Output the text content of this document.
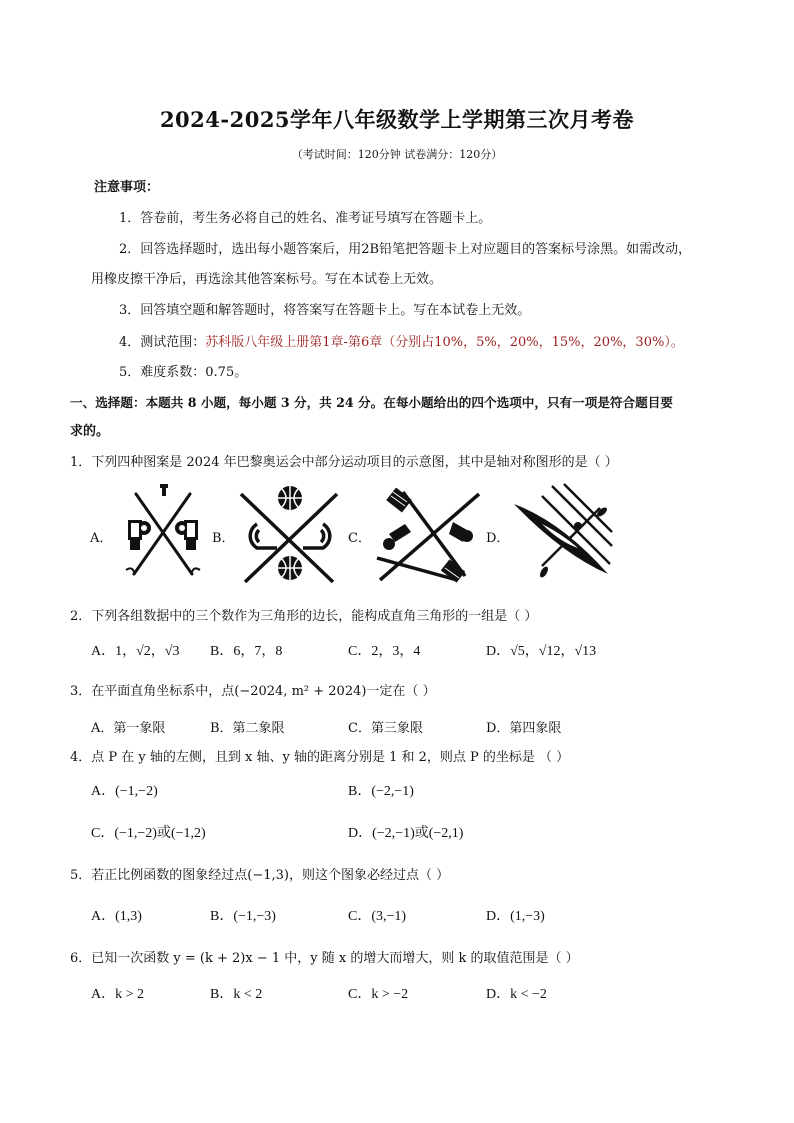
2024-2025学年八年级数学上学期第三次月考卷
（考试时间：120分钟 试卷满分：120分）
注意事项：
1．答卷前，考生务必将自己的姓名、准考证号填写在答题卡上。
2．回答选择题时，选出每小题答案后，用2B铅笔把答题卡上对应题目的答案标号涂黑。如需改动，
用橡皮擦干净后，再选涂其他答案标号。写在本试卷上无效。
3．回答填空题和解答题时，将答案写在答题卡上。写在本试卷上无效。
4．测试范围：苏科版八年级上册第1章-第6章（分别占10%，5%，20%，15%，20%，30%）。
5．难度系数：0.75。
一、选择题：本题共 8 小题，每小题 3 分，共 24 分。在每小题给出的四个选项中，只有一项是符合题目要
求的。
1．下列四种图案是 2024 年巴黎奥运会中部分运动项目的示意图，其中是轴对称图形的是（ ）
A．	B．	C．	D．
2．下列各组数据中的三个数作为三角形的边长，能构成直角三角形的一组是（ ）
A．1，√2，√3 B．6，7，8	C．2，3，4	D．√5，√12，√13
3．在平面直角坐标系中，点(−2024, m² + 2024)一定在（ ）
A．第一象限	B．第二象限	C．第三象限	D．第四象限
4．点 P 在 y 轴的左侧，且到 x 轴、y 轴的距离分别是 1 和 2，则点 P 的坐标是 （ ）
A．(−1,−2)	B．(−2,−1)
C．(−1,−2)或(−1,2)	D．(−2,−1)或(−2,1)
5．若正比例函数的图象经过点(−1,3)，则这个图象必经过点（ ）
A．(1,3)	B．(−1,−3)	C．(3,−1)	D．(1,−3)
6．已知一次函数 y = (k + 2)x − 1 中，y 随 x 的增大而增大，则 k 的取值范围是（ ）
A．k > 2	B．k < 2	C．k > −2	D．k < −2
